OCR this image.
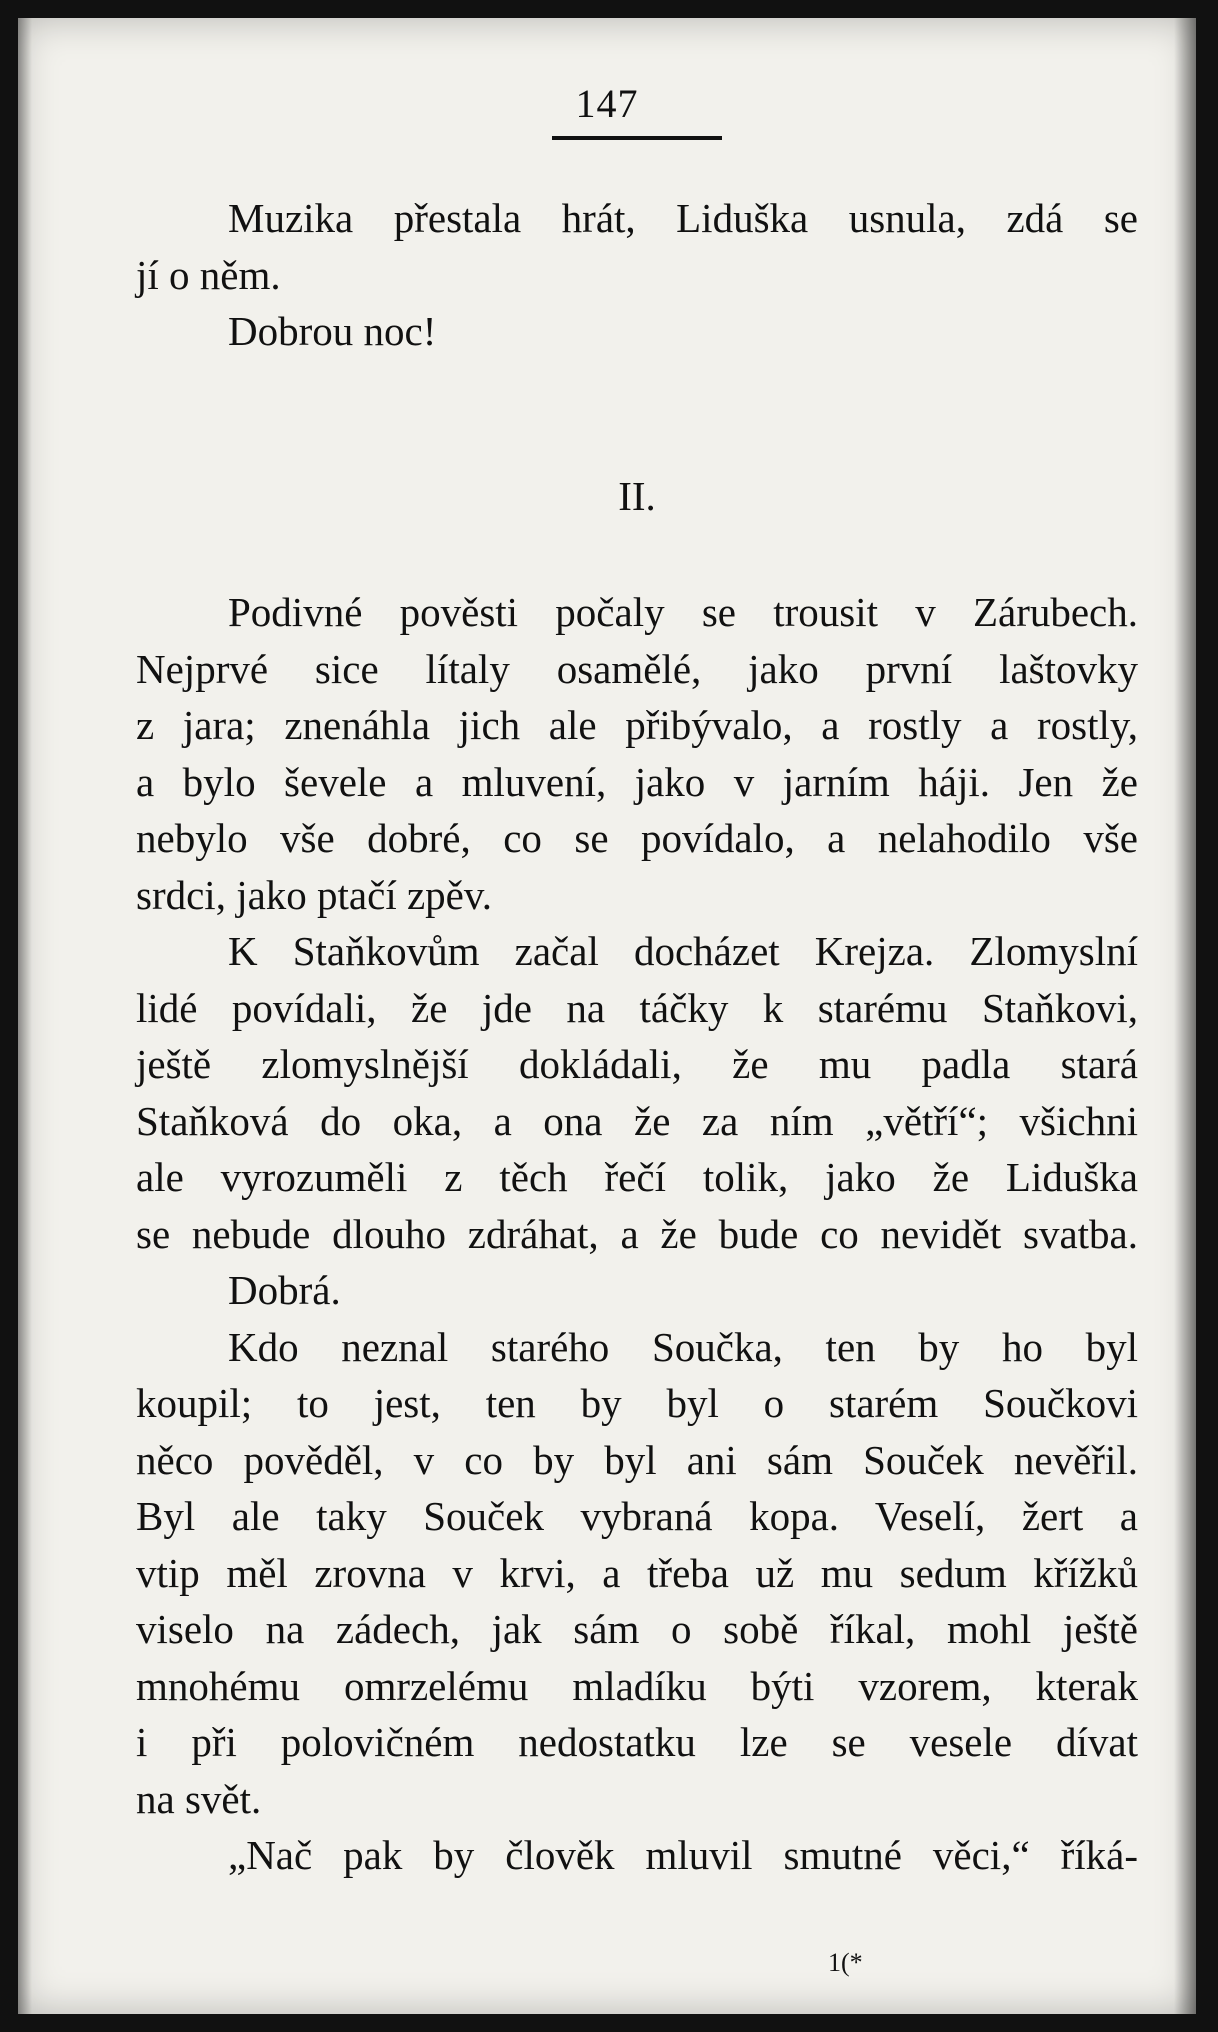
147
Muzika přestala hrát, Liduška usnula, zdá se
jí o něm.
Dobrou noc!

II.

Podivné pověsti počaly se trousit v Zárubech.
Nejprvé sice lítaly osamělé, jako první laštovky
z jara; znenáhla jich ale přibývalo, a rostly a rostly,
a bylo ševele a mluvení, jako v jarním háji. Jen že
nebylo vše dobré, co se povídalo, a nelahodilo vše
srdci, jako ptačí zpěv.
K Staňkovům začal docházet Krejza. Zlomyslní
lidé povídali, že jde na táčky k starému Staňkovi,
ještě zlomyslnější dokládali, že mu padla stará
Staňková do oka, a ona že za ním „větří“; všichni
ale vyrozuměli z těch řečí tolik, jako že Liduška
se nebude dlouho zdráhat, a že bude co nevidět svatba.
Dobrá.
Kdo neznal starého Součka, ten by ho byl
koupil; to jest, ten by byl o starém Součkovi
něco pověděl, v co by byl ani sám Souček nevěřil.
Byl ale taky Souček vybraná kopa. Veselí, žert a
vtip měl zrovna v krvi, a třeba už mu sedum křížků
viselo na zádech, jak sám o sobě říkal, mohl ještě
mnohému omrzelému mladíku býti vzorem, kterak
i při polovičném nedostatku lze se vesele dívat
na svět.
„Nač pak by člověk mluvil smutné věci,“ říká-
1(*
